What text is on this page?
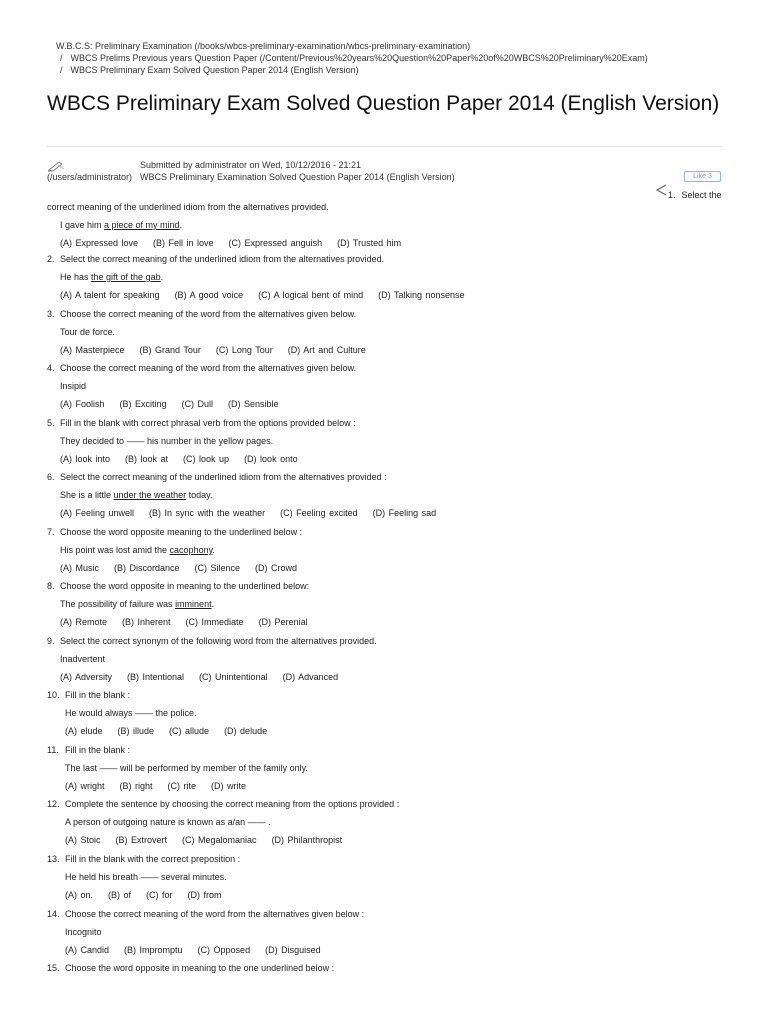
W.B.C.S: Preliminary Examination (/books/wbcs-preliminary-examination/wbcs-preliminary-examination)
/ WBCS Prelims Previous years Question Paper (/Content/Previous%20years%20Question%20Paper%20of%20WBCS%20Preliminary%20Exam)
/ WBCS Preliminary Exam Solved Question Paper 2014 (English Version)
WBCS Preliminary Exam Solved Question Paper 2014 (English Version)
Submitted by administrator on Wed, 10/12/2016 - 21:21
(/users/administrator) WBCS Preliminary Examination Solved Question Paper 2014 (English Version)	Like 3
1. Select the
correct meaning of the underlined idiom from the alternatives provided.
I gave him a piece of my mind.
(A) Expressed love (B) Fell in love (C) Expressed anguish (D) Trusted him
2. Select the correct meaning of the underlined idiom from the alternatives provided.
He has the gift of the gab.
(A) A talent for speaking (B) A good voice (C) A logical bent of mind (D) Talking nonsense
3. Choose the correct meaning of the word from the alternatives given below.
Tour de force.
(A) Masterpiece (B) Grand Tour (C) Long Tour (D) Art and Culture
4. Choose the correct meaning of the word from the alternatives given below.
Insipid
(A) Foolish (B) Exciting (C) Dull (D) Sensible
5. Fill in the blank with correct phrasal verb from the options provided below :
They decided to —— his number in the yellow pages.
(A) look into (B) look at (C) look up (D) look onto
6. Select the correct meaning of the underlined idiom from the alternatives provided :
She is a little under the weather today.
(A) Feeling unwell (B) In sync with the weather (C) Feeling excited (D) Feeling sad
7. Choose the word opposite meaning to the underlined below :
His point was lost amid the cacophony.
(A) Music (B) Discordance (C) Silence (D) Crowd
8. Choose the word opposite in meaning to the underlined below:
The possibility of failure was imminent.
(A) Remote (B) Inherent (C) Immediate (D) Perenial
9. Select the correct synonym of the following word from the alternatives provided.
Inadvertent
(A) Adversity (B) Intentional (C) Unintentional (D) Advanced
10. Fill in the blank :
He would always —— the police.
(A) elude (B) illude (C) allude (D) delude
11. Fill in the blank :
The last —— will be performed by member of the family only.
(A) wright (B) right (C) rite (D) write
12. Complete the sentence by choosing the correct meaning from the options provided :
A person of outgoing nature is known as a/an —— .
(A) Stoic (B) Extrovert (C) Megalomaniac (D) Philanthropist
13. Fill in the blank with the correct preposition :
He held his breath —— several minutes.
(A) on. (B) of (C) for (D) from
14. Choose the correct meaning of the word from the alternatives given below :
Incognito
(A) Candid (B) Impromptu (C) Opposed (D) Disguised
15. Choose the word opposite in meaning to the one underlined below :
